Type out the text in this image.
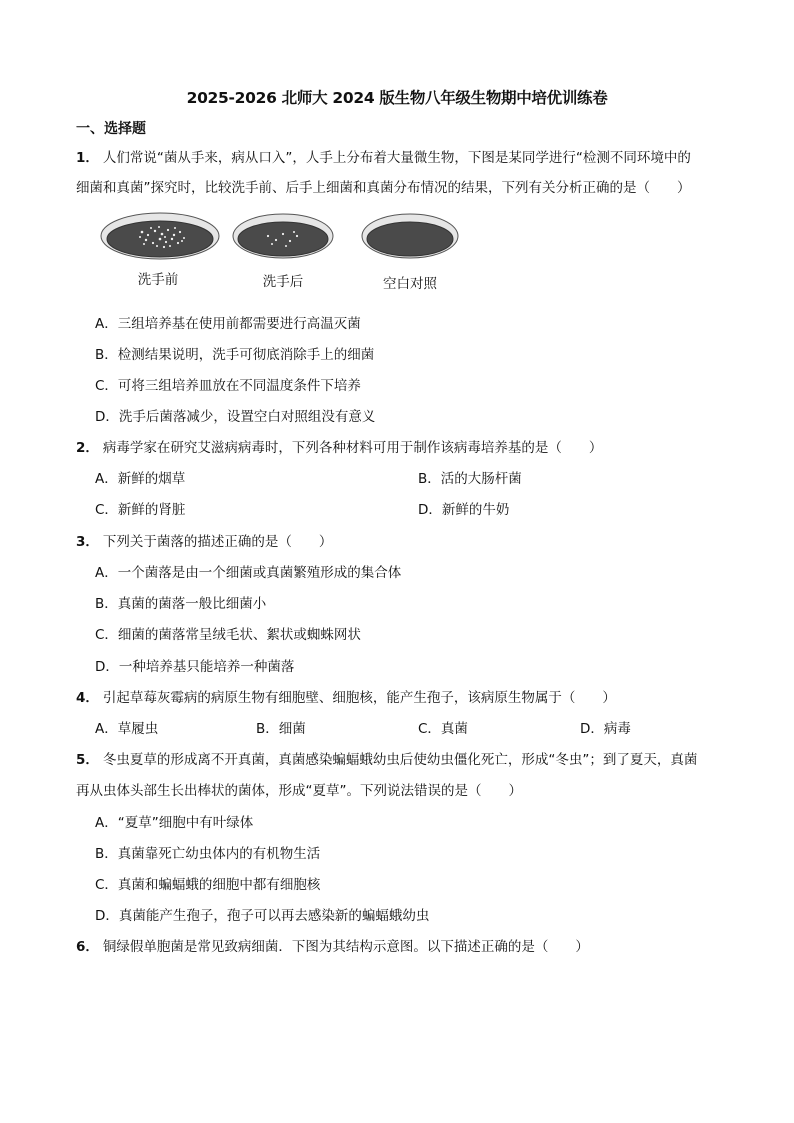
2025-2026 北师大 2024 版生物八年级生物期中培优训练卷
一、选择题
1． 人们常说“菌从手来，病从口入”，人手上分布着大量微生物，下图是某同学进行“检测不同环境中的
细菌和真菌”探究时，比较洗手前、后手上细菌和真菌分布情况的结果，下列有关分析正确的是（　　）
洗手前	洗手后	空白对照
A．三组培养基在使用前都需要进行高温灭菌
B．检测结果说明，洗手可彻底消除手上的细菌
C．可将三组培养皿放在不同温度条件下培养
D．洗手后菌落减少，设置空白对照组没有意义
2． 病毒学家在研究艾滋病病毒时，下列各种材料可用于制作该病毒培养基的是（　　）
A．新鲜的烟草	B．活的大肠杆菌
C．新鲜的肾脏	D．新鲜的牛奶
3． 下列关于菌落的描述正确的是（　　）
A．一个菌落是由一个细菌或真菌繁殖形成的集合体
B．真菌的菌落一般比细菌小
C．细菌的菌落常呈绒毛状、絮状或蜘蛛网状
D．一种培养基只能培养一种菌落
4． 引起草莓灰霉病的病原生物有细胞壁、细胞核，能产生孢子，该病原生物属于（　　）
A．草履虫	B．细菌	C．真菌	D．病毒
5． 冬虫夏草的形成离不开真菌，真菌感染蝙蝠蛾幼虫后使幼虫僵化死亡，形成“冬虫”；到了夏天，真菌
再从虫体头部生长出棒状的菌体，形成“夏草”。下列说法错误的是（　　）
A．“夏草”细胞中有叶绿体
B．真菌靠死亡幼虫体内的有机物生活
C．真菌和蝙蝠蛾的细胞中都有细胞核
D．真菌能产生孢子，孢子可以再去感染新的蝙蝠蛾幼虫
6． 铜绿假单胞菌是常见致病细菌．下图为其结构示意图。以下描述正确的是（　　）
